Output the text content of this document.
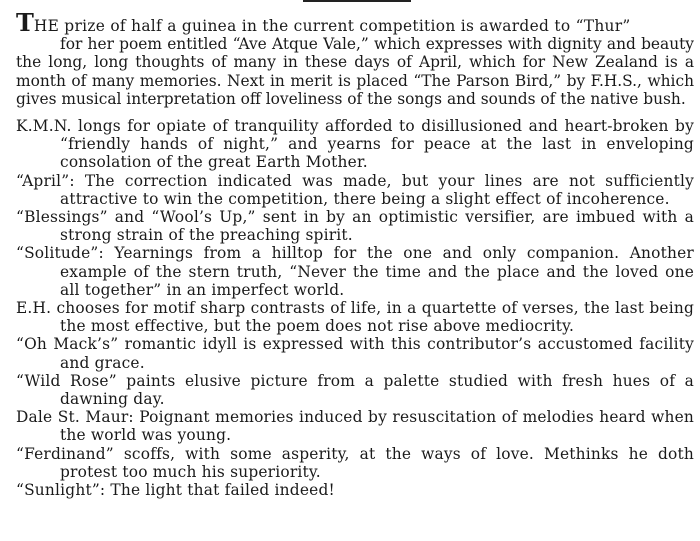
THE prize of half a guinea in the current competition is awarded to “Thur”
for her poem entitled “Ave Atque Vale,” which expresses with dignity and beauty the long, long thoughts of many in these days of April, which for New Zealand is a month of many memories. Next in merit is placed “The Parson Bird,” by F.H.S., which gives musical interpretation off loveliness of the songs and sounds of the native bush.

K.M.N. longs for opiate of tranquility afforded to disillusioned and heart-broken by “friendly hands of night,” and yearns for peace at the last in enveloping consolation of the great Earth Mother.

“April”: The correction indicated was made, but your lines are not sufficiently attractive to win the competition, there being a slight effect of incoherence.

“Blessings” and “Wool’s Up,” sent in by an optimistic versifier, are imbued with a strong strain of the preaching spirit.

“Solitude”: Yearnings from a hilltop for the one and only companion. Another example of the stern truth, “Never the time and the place and the loved one all together” in an imperfect world.

E.H. chooses for motif sharp contrasts of life, in a quartette of verses, the last being the most effective, but the poem does not rise above mediocrity.

“Oh Mack’s” romantic idyll is expressed with this contributor’s accustomed facility and grace.

“Wild Rose” paints elusive picture from a palette studied with fresh hues of a dawning day.

Dale St. Maur: Poignant memories induced by resuscitation of melodies heard when the world was young.

“Ferdinand” scoffs, with some asperity, at the ways of love. Methinks he doth protest too much his superiority.

“Sunlight”: The light that failed indeed!
